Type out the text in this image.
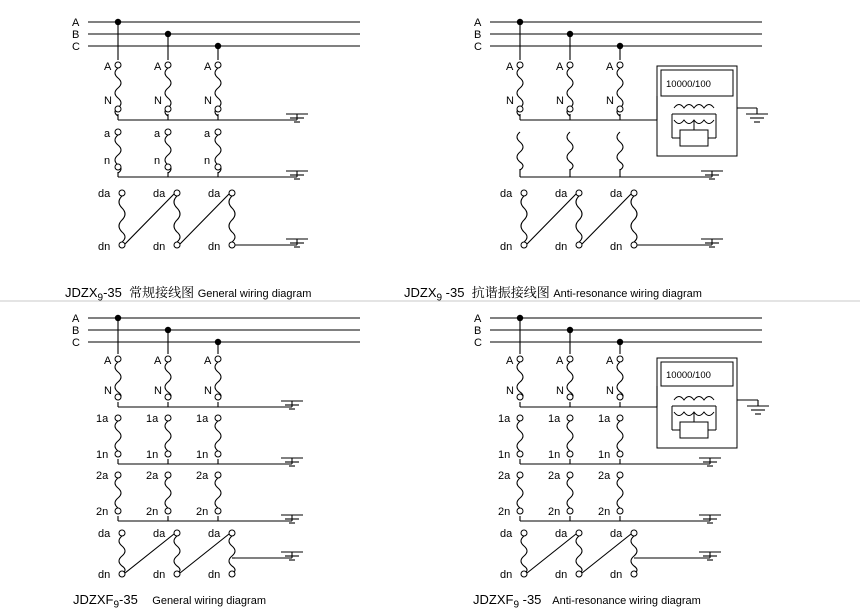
A
B
C
A	A	A
N	N	N
a	a	a
n	n	n
da	da	da
dn	dn	dn
$JDZX_9-35$ 常规接线图 General wiring diagram
A
B
C
A	A	A
N	N	N
10000/100
da	da	da
dn	dn	dn
$JDZX_9$ -35 抗谐振接线图 Anti-resonance wiring diagram
A
B
C
A	A	A
N	N	N
1a	1a	1a
1n	1n	1n
2a	2a	2a
2n	2n	2n
da	da	da
dn	dn	dn
$JDZXF_9-35$ General wiring diagram
A
B
C
A	A	A
N	N	N
10000/100
1a	1a	1a
1n	1n	1n
2a	2a	2a
2n	2n	2n
da	da	da
dn	dn	dn
$JDZXF_9$ -35 Anti-resonance wiring diagram
